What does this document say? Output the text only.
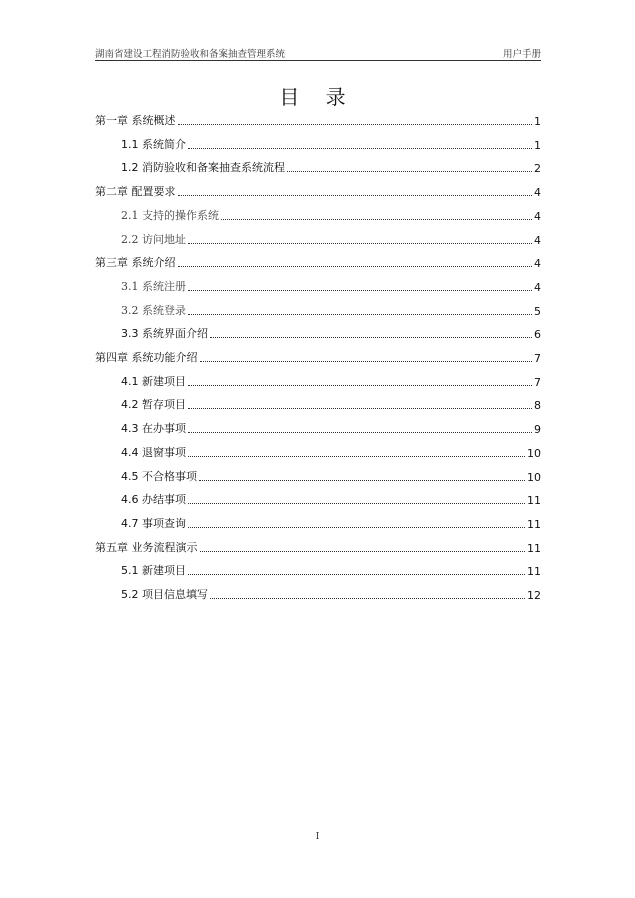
湖南省建设工程消防验收和备案抽查管理系统	用户手册
目 录
第一章 系统概述	1
1.1 系统简介	1
1.2 消防验收和备案抽查系统流程	2
第二章 配置要求	4
2.1 支持的操作系统	4
2.2 访问地址	4
第三章 系统介绍	4
3.1 系统注册	4
3.2 系统登录	5
3.3 系统界面介绍	6
第四章 系统功能介绍	7
4.1 新建项目	7
4.2 暂存项目	8
4.3 在办事项	9
4.4 退窗事项	10
4.5 不合格事项	10
4.6 办结事项	11
4.7 事项查询	11
第五章 业务流程演示	11
5.1 新建项目	11
5.2 项目信息填写	12
I
